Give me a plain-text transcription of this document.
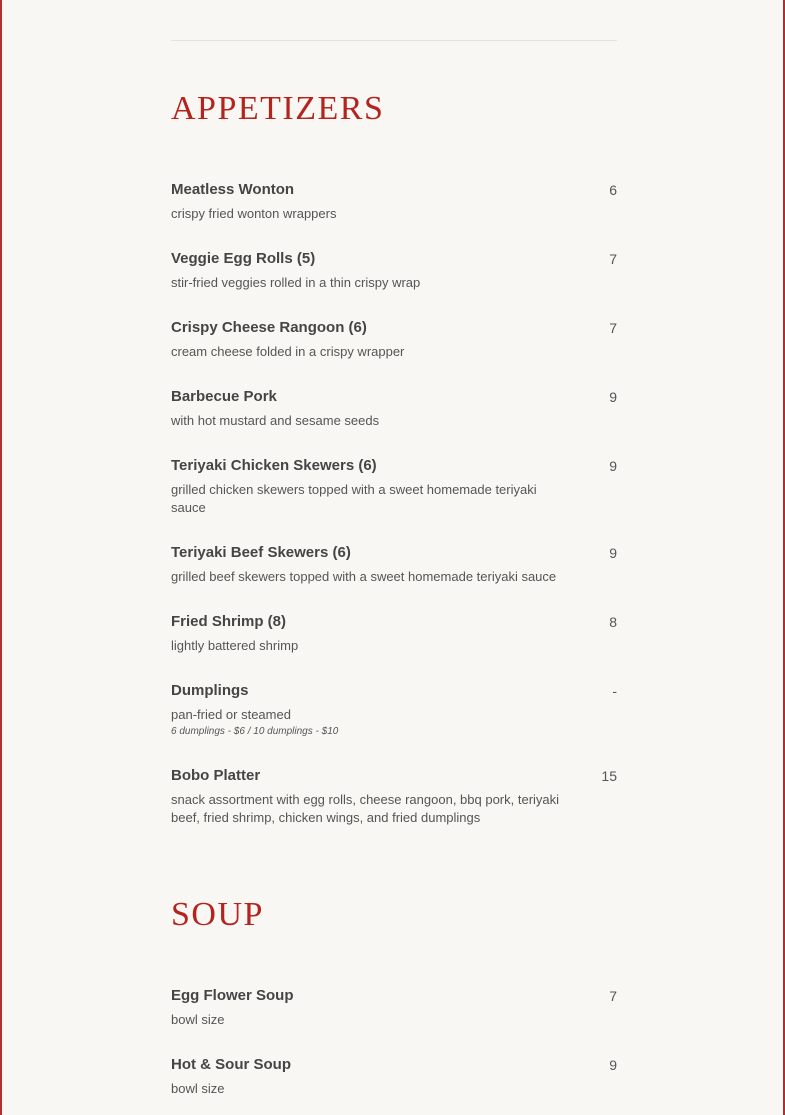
APPETIZERS
Meatless Wonton	6
crispy fried wonton wrappers
Veggie Egg Rolls (5)	7
stir-fried veggies rolled in a thin crispy wrap
Crispy Cheese Rangoon (6)	7
cream cheese folded in a crispy wrapper
Barbecue Pork	9
with hot mustard and sesame seeds
Teriyaki Chicken Skewers (6)	9
grilled chicken skewers topped with a sweet homemade teriyaki sauce
Teriyaki Beef Skewers (6)	9
grilled beef skewers topped with a sweet homemade teriyaki sauce
Fried Shrimp (8)	8
lightly battered shrimp
Dumplings	-
pan-fried or steamed
6 dumplings - $6 / 10 dumplings - $10
Bobo Platter	15
snack assortment with egg rolls, cheese rangoon, bbq pork, teriyaki beef, fried shrimp, chicken wings, and fried dumplings
SOUP
Egg Flower Soup	7
bowl size
Hot & Sour Soup	9
bowl size
